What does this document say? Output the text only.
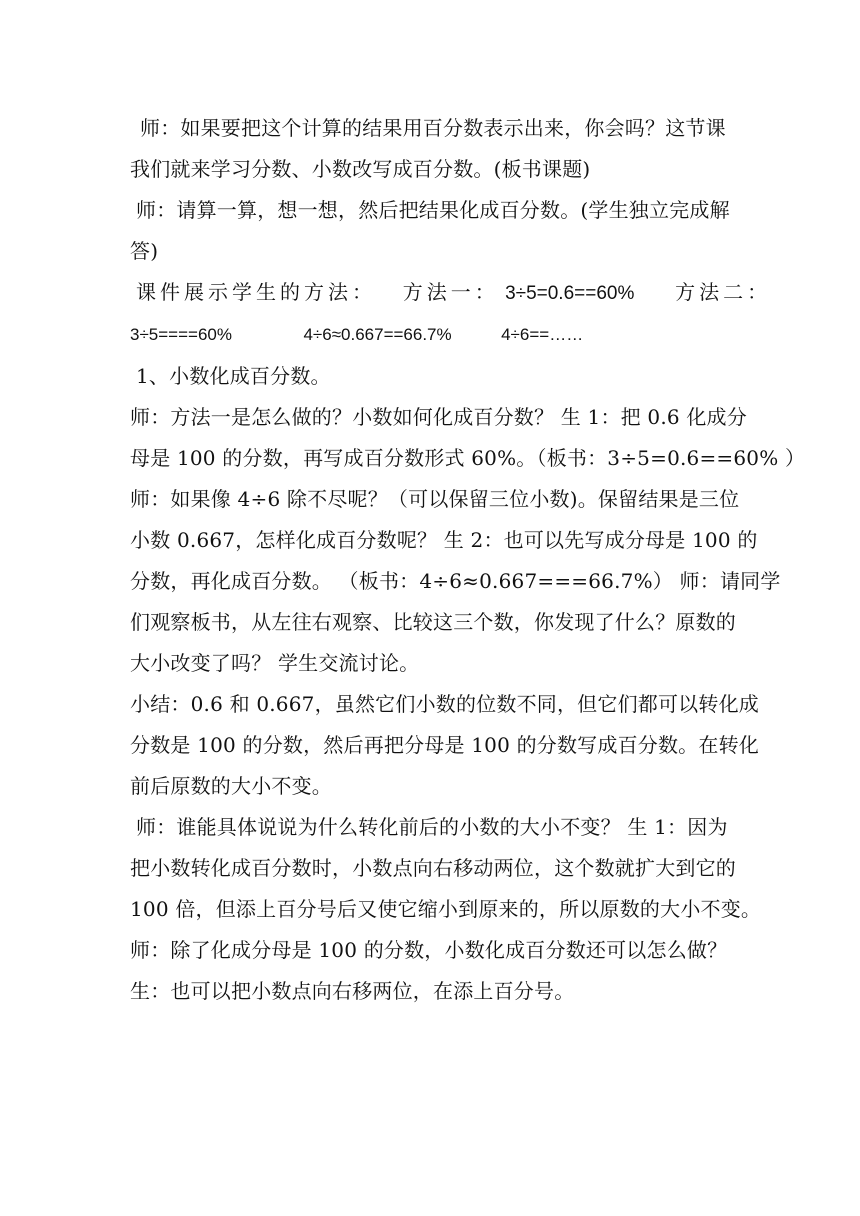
师：如果要把这个计算的结果用百分数表示出来，你会吗？这节课
我们就来学习分数、小数改写成百分数。(板书课题)
师：请算一算，想一想，然后把结果化成百分数。(学生独立完成解
答)
课件展示学生的方法： 方法一： 3÷5=0.6==60% 方法二：
3÷5====60%	4÷6≈0.667==66.7%	4÷6==……
1、小数化成百分数。
师：方法一是怎么做的？小数如何化成百分数？ 生 1：把 0.6 化成分
母是 100 的分数，再写成百分数形式 60%。（板书：3÷5=0.6==60% ）
师：如果像 4÷6 除不尽呢？（可以保留三位小数)。保留结果是三位
小数 0.667，怎样化成百分数呢？ 生 2：也可以先写成分母是 100 的
分数，再化成百分数。 （板书：4÷6≈0.667===66.7%） 师：请同学
们观察板书，从左往右观察、比较这三个数，你发现了什么？原数的
大小改变了吗？ 学生交流讨论。
小结：0.6 和 0.667，虽然它们小数的位数不同，但它们都可以转化成
分数是 100 的分数，然后再把分母是 100 的分数写成百分数。在转化
前后原数的大小不变。
师：谁能具体说说为什么转化前后的小数的大小不变？ 生 1：因为
把小数转化成百分数时，小数点向右移动两位，这个数就扩大到它的
100 倍，但添上百分号后又使它缩小到原来的，所以原数的大小不变。
师：除了化成分母是 100 的分数，小数化成百分数还可以怎么做？
生：也可以把小数点向右移两位，在添上百分号。
